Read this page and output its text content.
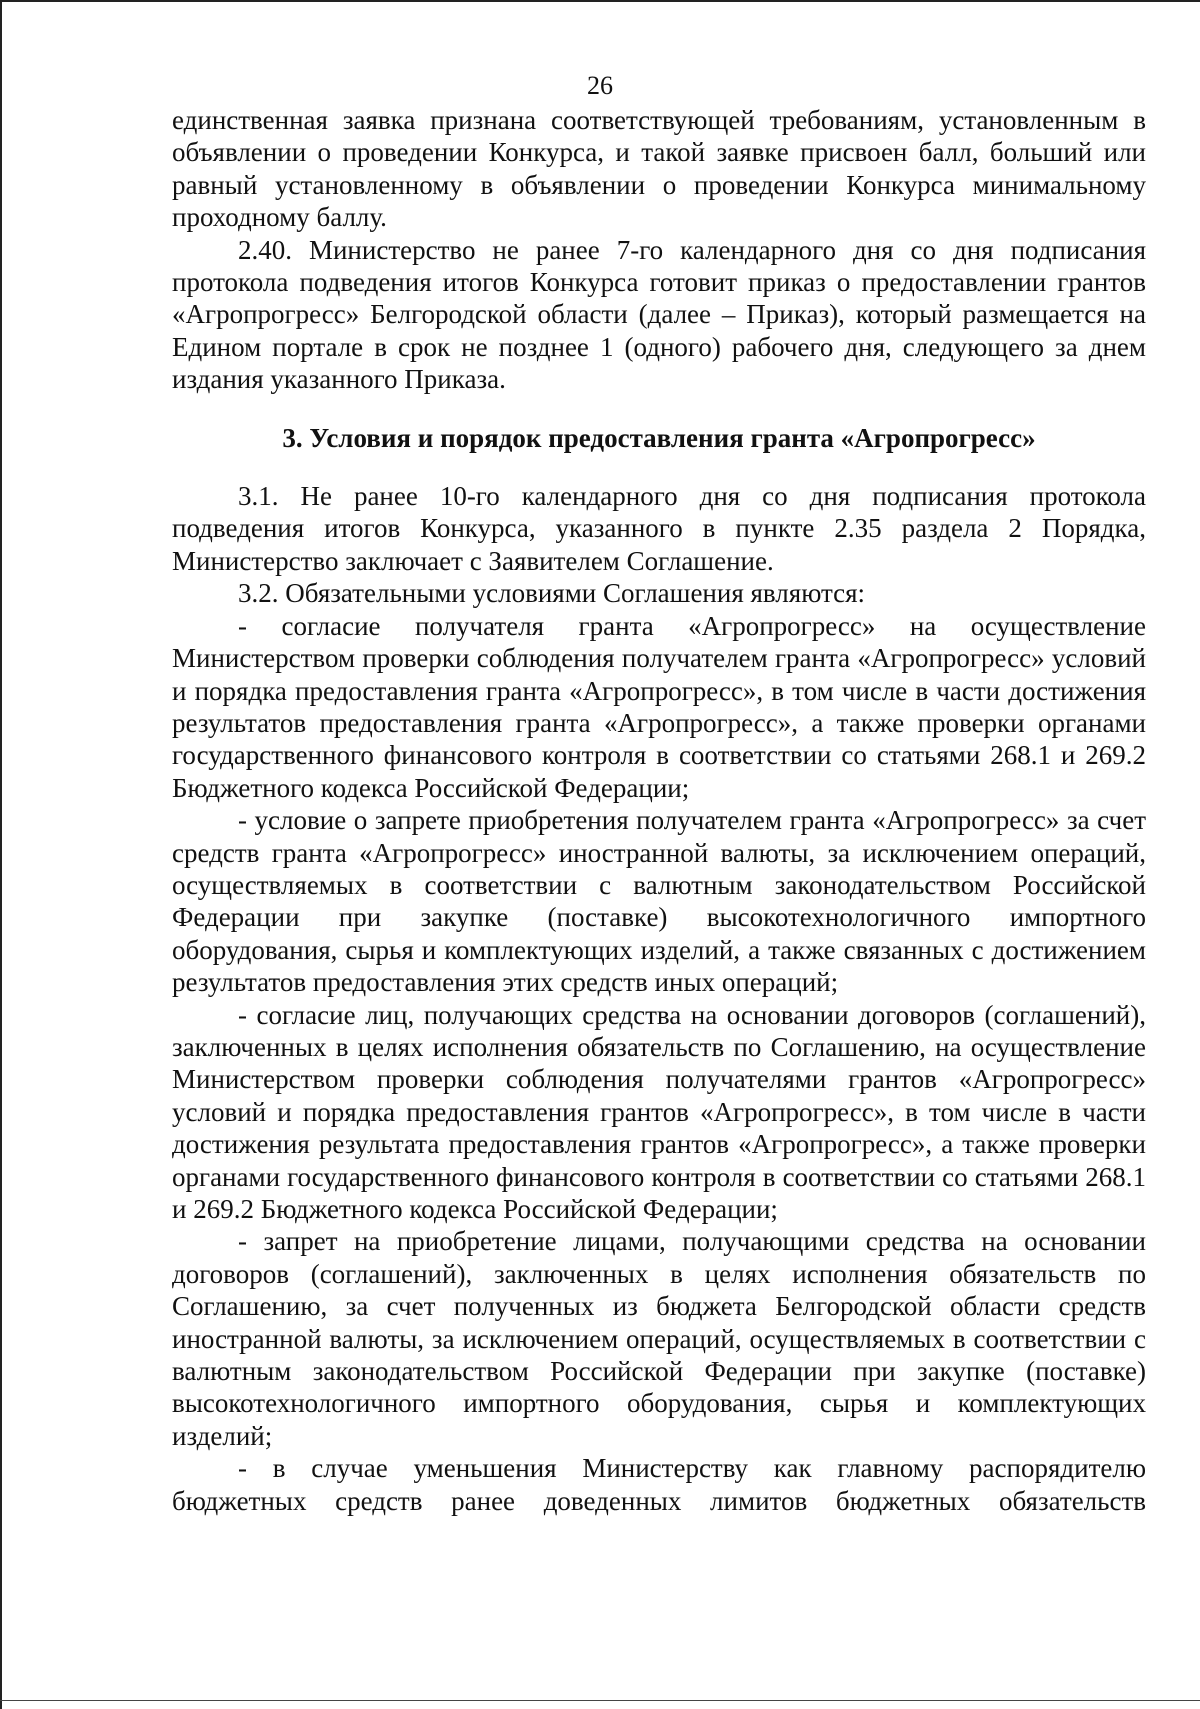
26

единственная заявка признана соответствующей требованиям, установленным в объявлении о проведении Конкурса, и такой заявке присвоен балл, больший или равный установленному в объявлении о проведении Конкурса минимальному проходному баллу.

2.40. Министерство не ранее 7-го календарного дня со дня подписания протокола подведения итогов Конкурса готовит приказ о предоставлении грантов «Агропрогресс» Белгородской области (далее – Приказ), который размещается на Едином портале в срок не позднее 1 (одного) рабочего дня, следующего за днем издания указанного Приказа.

3. Условия и порядок предоставления гранта «Агропрогресс»

3.1. Не ранее 10-го календарного дня со дня подписания протокола подведения итогов Конкурса, указанного в пункте 2.35 раздела 2 Порядка, Министерство заключает с Заявителем Соглашение.

3.2. Обязательными условиями Соглашения являются:

- согласие получателя гранта «Агропрогресс» на осуществление Министерством проверки соблюдения получателем гранта «Агропрогресс» условий и порядка предоставления гранта «Агропрогресс», в том числе в части достижения результатов предоставления гранта «Агропрогресс», а также проверки органами государственного финансового контроля в соответствии со статьями 268.1 и 269.2 Бюджетного кодекса Российской Федерации;

- условие о запрете приобретения получателем гранта «Агропрогресс» за счет средств гранта «Агропрогресс» иностранной валюты, за исключением операций, осуществляемых в соответствии с валютным законодательством Российской Федерации при закупке (поставке) высокотехнологичного импортного оборудования, сырья и комплектующих изделий, а также связанных с достижением результатов предоставления этих средств иных операций;

- согласие лиц, получающих средства на основании договоров (соглашений), заключенных в целях исполнения обязательств по Соглашению, на осуществление Министерством проверки соблюдения получателями грантов «Агропрогресс» условий и порядка предоставления грантов «Агропрогресс», в том числе в части достижения результата предоставления грантов «Агропрогресс», а также проверки органами государственного финансового контроля в соответствии со статьями 268.1 и 269.2 Бюджетного кодекса Российской Федерации;

- запрет на приобретение лицами, получающими средства на основании договоров (соглашений), заключенных в целях исполнения обязательств по Соглашению, за счет полученных из бюджета Белгородской области средств иностранной валюты, за исключением операций, осуществляемых в соответствии с валютным законодательством Российской Федерации при закупке (поставке) высокотехнологичного импортного оборудования, сырья и комплектующих изделий;

- в случае уменьшения Министерству как главному распорядителю бюджетных средств ранее доведенных лимитов бюджетных обязательств
